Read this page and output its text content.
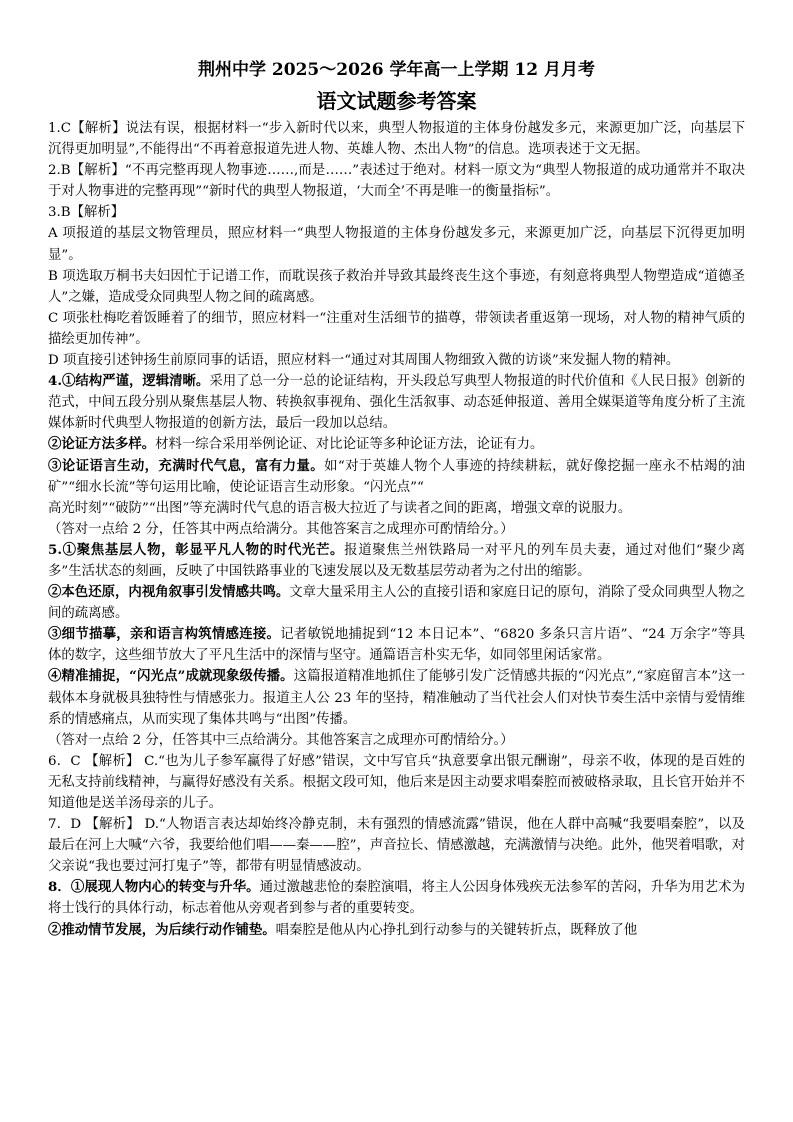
荆州中学 2025～2026 学年高一上学期 12 月月考
语文试题参考答案

1.C【解析】说法有误，根据材料一“步入新时代以来，典型人物报道的主体身份越发多元，来源更加广泛，向基层下沉得更加明显”,不能得出“不再着意报道先进人物、英雄人物、杰出人物”的信息。选项表述于文无据。

2.B【解析】“不再完整再现人物事迹……,而是……”表述过于绝对。材料一原文为“典型人物报道的成功通常并不取决于对人物事进的完整再现”“新时代的典型人物报道，‘大而全’不再是唯一的衡量指标”。

3.B【解析】

A 项报道的基层文物管理员，照应材料一“典型人物报道的主体身份越发多元，来源更加广泛，向基层下沉得更加明显”。

B 项选取万桐书夫妇因忙于记谱工作，而耽误孩子救治并导致其最终丧生这个事迹，有刻意将典型人物塑造成“道德圣人”之嫌，造成受众同典型人物之间的疏离感。

C 项张杜梅吃着饭睡着了的细节，照应材料一“注重对生活细节的描尊，带领读者重返第一现场，对人物的精神气质的描绘更加传神”。

D 项直接引述钟扬生前原同事的话语，照应材料一“通过对其周围人物细致入微的访谈”来发掘人物的精神。

4.①结构严谨，逻辑清晰。采用了总一分一总的论证结构，开头段总写典型人物报道的时代价值和《人民日报》创新的范式，中间五段分别从聚焦基层人物、转换叙事视角、强化生活叙事、动态延伸报道、善用全媒渠道等角度分析了主流媒体新时代典型人物报道的创新方法，最后一段加以总结。

②论证方法多样。材料一综合采用举例论证、对比论证等多种论证方法，论证有力。

③论证语言生动，充满时代气息，富有力量。如“对于英雄人物个人事迹的持续耕耘，就好像挖掘一座永不枯竭的油矿”“细水长流”等句运用比喻，使论证语言生动形象。“闪光点”“

高光时刻”“破防”“出图”等充满时代气息的语言极大拉近了与读者之间的距离，增强文章的说服力。

（答对一点给 2 分，任答其中两点给满分。其他答案言之成理亦可酌情给分。）

5.①聚焦基层人物，彰显平凡人物的时代光芒。报道聚焦兰州铁路局一对平凡的列车员夫妻，通过对他们“聚少离多”生活状态的刻画，反映了中国铁路事业的飞速发展以及无数基层劳动者为之付出的缩影。

②本色还原，内视角叙事引发情感共鸣。文章大量采用主人公的直接引语和家庭日记的原句，消除了受众同典型人物之间的疏离感。

③细节描摹，亲和语言构筑情感连接。记者敏锐地捕捉到“12 本日记本”、“6820 多条只言片语”、“24 万余字”等具体的数字，这些细节放大了平凡生活中的深情与坚守。通篇语言朴实无华，如同邻里闲话家常。

④精准捕捉，“闪光点”成就现象级传播。这篇报道精准地抓住了能够引发广泛情感共振的“闪光点”,“家庭留言本”这一载体本身就极具独特性与情感张力。报道主人公 23 年的坚持，精准触动了当代社会人们对快节奏生活中亲情与爱情维系的情感痛点，从而实现了集体共鸣与“出图”传播。

（答对一点给 2 分，任答其中三点给满分。其他答案言之成理亦可酌情给分。）

6．C 【解析】 C.“也为儿子参军赢得了好感”错误，文中写官兵“执意要拿出银元酬谢”，母亲不收，体现的是百姓的无私支持前线精神，与赢得好感没有关系。根据文段可知，他后来是因主动要求唱秦腔而被破格录取，且长官开始并不知道他是送羊汤母亲的儿子。

7．D 【解析】 D.“人物语言表达却始终冷静克制，未有强烈的情感流露”错误，他在人群中高喊“我要唱秦腔”，以及最后在河上大喊“六爷，我要给他们唱——秦——腔”，声音拉长、情感激越，充满激情与决绝。此外，他哭着唱歌，对父亲说“我也要过河打鬼子”等，都带有明显情感波动。

8．①展现人物内心的转变与升华。通过激越悲怆的秦腔演唱，将主人公因身体残疾无法参军的苦闷，升华为用艺术为将士饯行的具体行动，标志着他从旁观者到参与者的重要转变。

②推动情节发展，为后续行动作铺垫。唱秦腔是他从内心挣扎到行动参与的关键转折点，既释放了他
